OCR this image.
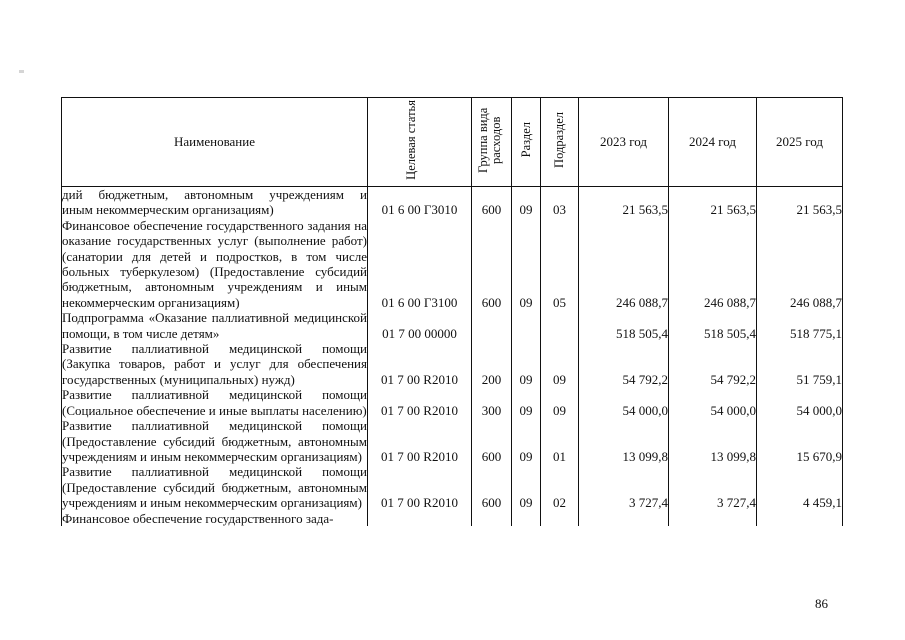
Наименование	Целевая статья	Группа вида расходов	Раздел	Подраздел	2023 год	2024 год	2025 год

дий бюджетным, автономным учреждениям и
иным некоммерческим организациям)	01 6 00 Г3010	600	09	03	21 563,5	21 563,5	21 563,5
Финансовое обеспечение государственного задания на оказание государственных услуг (выполнение работ) (санатории для детей и подростков, в том числе больных туберкулезом) (Предоставление субсидий бюджетным, автономным учреждениям и иным некоммерческим организациям)	01 6 00 Г3100	600	09	05	246 088,7	246 088,7	246 088,7
Подпрограмма «Оказание паллиативной медицинской помощи, в том числе детям»	01 7 00 00000				518 505,4	518 505,4	518 775,1
Развитие паллиативной медицинской помощи (Закупка товаров, работ и услуг для обеспечения государственных (муниципальных) нужд)	01 7 00 R2010	200	09	09	54 792,2	54 792,2	51 759,1
Развитие паллиативной медицинской помощи (Социальное обеспечение и иные выплаты населению)	01 7 00 R2010	300	09	09	54 000,0	54 000,0	54 000,0
Развитие паллиативной медицинской помощи (Предоставление субсидий бюджетным, автономным учреждениям и иным некоммерческим организациям)	01 7 00 R2010	600	09	01	13 099,8	13 099,8	15 670,9
Развитие паллиативной медицинской помощи (Предоставление субсидий бюджетным, автономным учреждениям и иным некоммерческим организациям)	01 7 00 R2010	600	09	02	3 727,4	3 727,4	4 459,1
Финансовое обеспечение государственного зада-							
86
